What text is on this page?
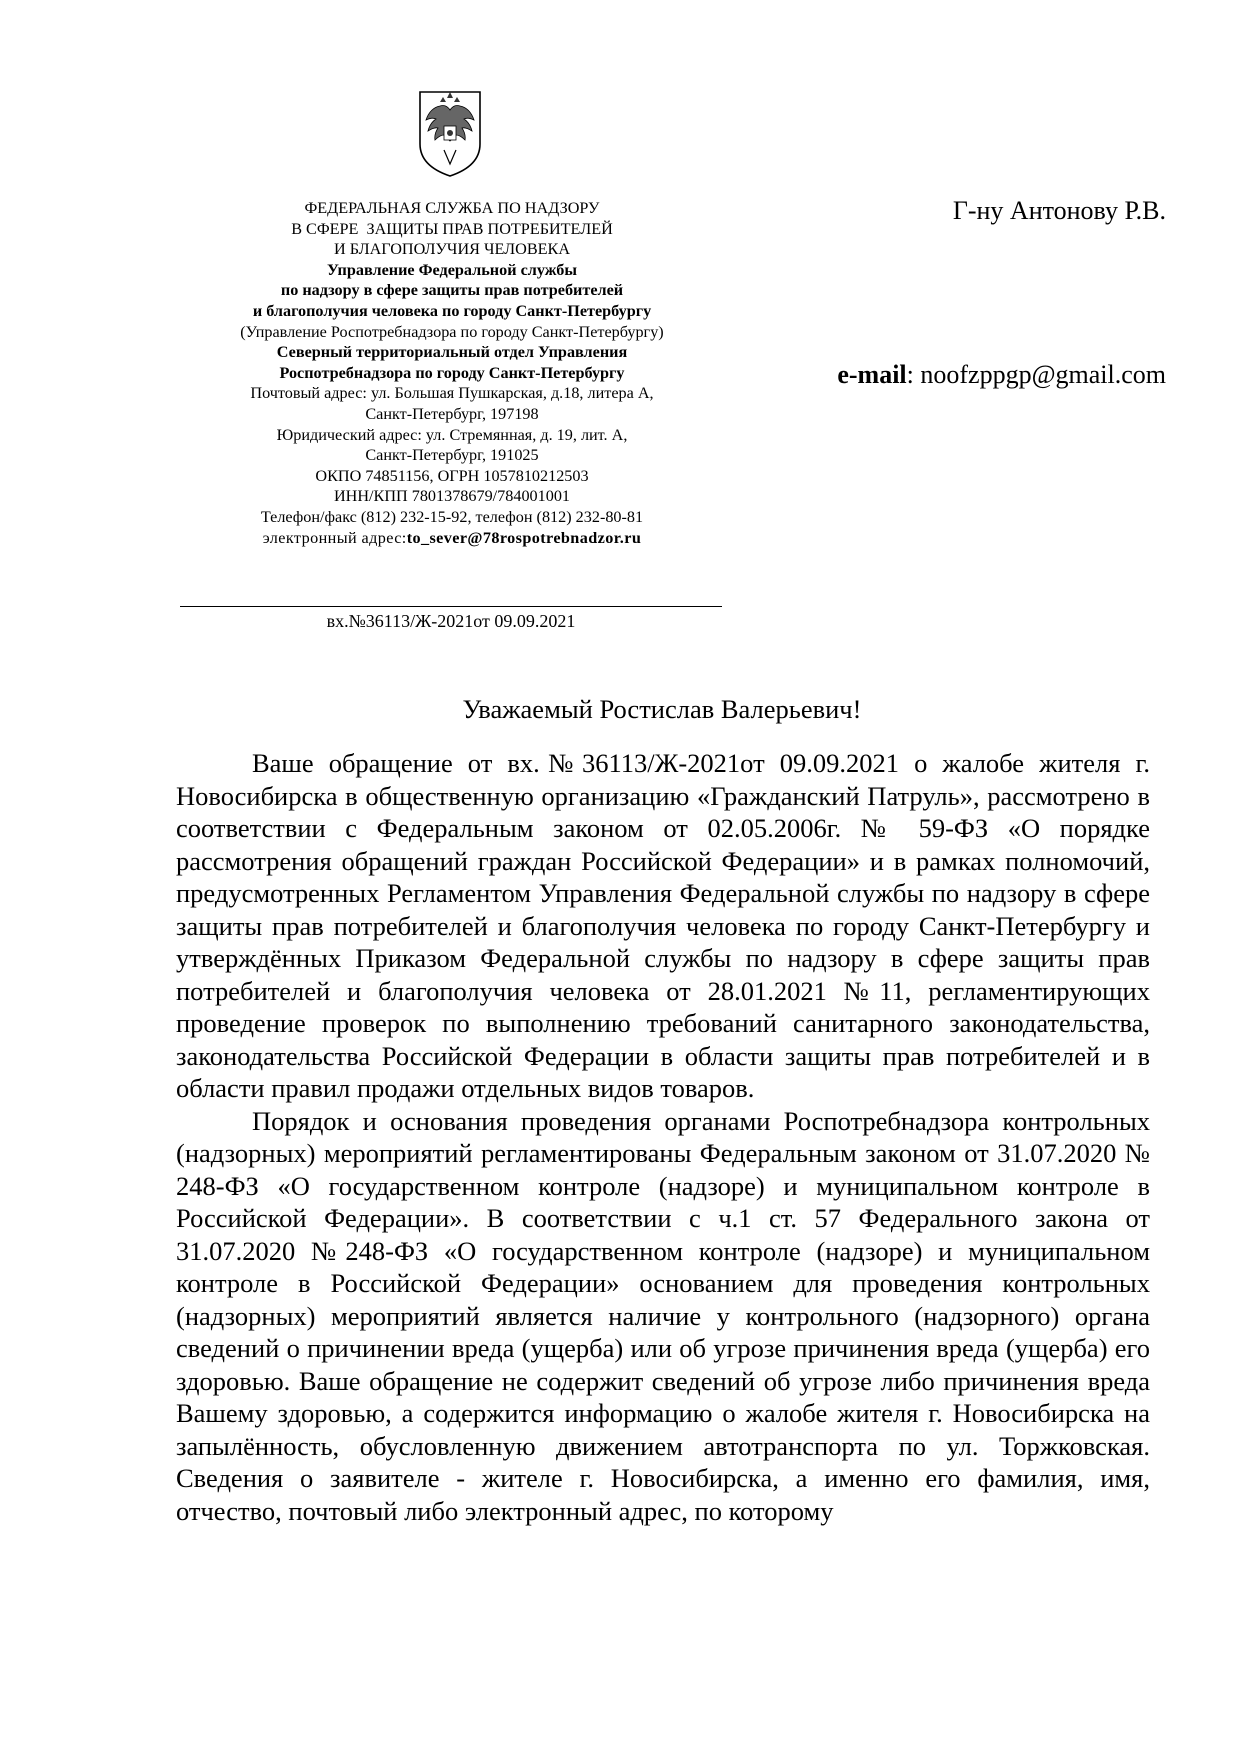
ФЕДЕРАЛЬНАЯ СЛУЖБА ПО НАДЗОРУ
В СФЕРЕ  ЗАЩИТЫ ПРАВ ПОТРЕБИТЕЛЕЙ
И БЛАГОПОЛУЧИЯ ЧЕЛОВЕКА
Управление Федеральной службы
по надзору в сфере защиты прав потребителей
и благополучия человека по городу Санкт-Петербургу
(Управление Роспотребнадзора по городу Санкт-Петербургу)
Северный территориальный отдел Управления
Роспотребнадзора по городу Санкт-Петербургу
Почтовый адрес: ул. Большая Пушкарская, д.18, литера А,
Санкт-Петербург, 197198
Юридический адрес: ул. Стремянная, д. 19, лит. А,
Санкт-Петербург, 191025
ОКПО 74851156, ОГРН 1057810212503
ИНН/КПП 7801378679/784001001
Телефон/факс (812) 232-15-92, телефон (812) 232-80-81
электронный адрес:to_sever@78rospotrebnadzor.ru
Г-ну Антонову Р.В.
e-mail: noofzppgp@gmail.com
вх.№36113/Ж-2021от 09.09.2021
Уважаемый Ростислав Валерьевич!

Ваше обращение от вх.№36113/Ж-2021от 09.09.2021 о жалобе жителя г. Новосибирска в общественную организацию «Гражданский Патруль», рассмотрено в соответствии с Федеральным законом от 02.05.2006г. № 59-ФЗ «О порядке рассмотрения обращений граждан Российской Федерации» и в рамках полномочий, предусмотренных Регламентом Управления Федеральной службы по надзору в сфере защиты прав потребителей и благополучия человека по городу Санкт-Петербургу и утверждённых Приказом Федеральной службы по надзору в сфере защиты прав потребителей и благополучия человека от 28.01.2021 №11, регламентирующих проведение проверок по выполнению требований санитарного законодательства, законодательства Российской Федерации в области защиты прав потребителей и в области правил продажи отдельных видов товаров.

Порядок и основания проведения органами Роспотребнадзора контрольных (надзорных) мероприятий регламентированы Федеральным законом от 31.07.2020 № 248-ФЗ «О государственном контроле (надзоре) и муниципальном контроле в Российской Федерации». В соответствии с ч.1 ст. 57 Федерального закона от 31.07.2020 №248-ФЗ «О государственном контроле (надзоре) и муниципальном контроле в Российской Федерации» основанием для проведения контрольных (надзорных) мероприятий является наличие у контрольного (надзорного) органа сведений о причинении вреда (ущерба) или об угрозе причинения вреда (ущерба) его здоровью. Ваше обращение не содержит сведений об угрозе либо причинения вреда Вашему здоровью, а содержится информацию о жалобе жителя г. Новосибирска на запылённость, обусловленную движением автотранспорта по ул. Торжковская. Сведения о заявителе - жителе г. Новосибирска, а именно его фамилия, имя, отчество, почтовый либо электронный адрес, по которому
